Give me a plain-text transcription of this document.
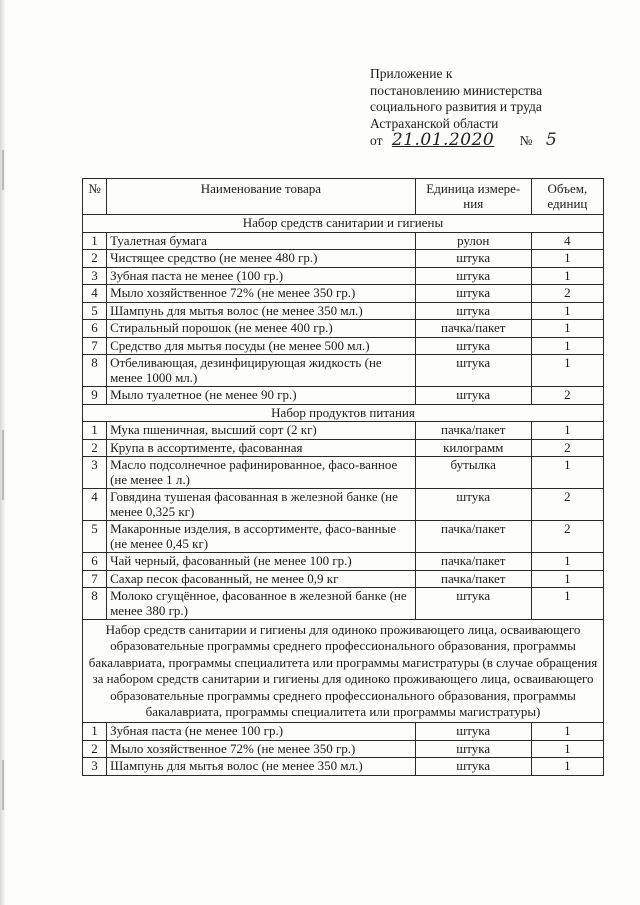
Приложение к
постановлению министерства
социального развития и труда
Астраханской области
от 21.01.2020 № 5
№	Наименование товара	Единица измере-ния	Объем, единиц
Набор средств санитарии и гигиены			
1	Туалетная бумага	рулон	4
2	Чистящее средство (не менее 480 гр.)	штука	1
3	Зубная паста не менее (100 гр.)	штука	1
4	Мыло хозяйственное 72% (не менее 350 гр.)	штука	2
5	Шампунь для мытья волос (не менее 350 мл.)	штука	1
6	Стиральный порошок (не менее 400 гр.)	пачка/пакет	1
7	Средство для мытья посуды (не менее 500 мл.)	штука	1
8	Отбеливающая, дезинфицирующая жидкость (не менее 1000 мл.)	штука	1
9	Мыло туалетное (не менее 90 гр.)	штука	2
Набор продуктов питания			
1	Мука пшеничная, высший сорт (2 кг)	пачка/пакет	1
2	Крупа в ассортименте, фасованная	килограмм	2
3	Масло подсолнечное рафинированное, фасо-ванное (не менее 1 л.)	бутылка	1
4	Говядина тушеная фасованная в железной банке (не менее 0,325 кг)	штука	2
5	Макаронные изделия, в ассортименте, фасо-ванные (не менее 0,45 кг)	пачка/пакет	2
6	Чай черный, фасованный (не менее 100 гр.)	пачка/пакет	1
7	Сахар песок фасованный, не менее 0,9 кг	пачка/пакет	1
8	Молоко сгущённое, фасованное в железной банке (не менее 380 гр.)	штука	1
Набор средств санитарии и гигиены для одиноко проживающего лица, осваивающего образовательные программы среднего профессионального образования, программы бакалавриата, программы специалитета или программы магистратуры (в случае обращения за набором средств санитарии и гигиены для одиноко проживающего лица, осваивающего образовательные программы среднего профессионального образования, программы бакалавриата, программы специалитета или программы магистратуры)			
1	Зубная паста (не менее 100 гр.)	штука	1
2	Мыло хозяйственное 72% (не менее 350 гр.)	штука	1
3	Шампунь для мытья волос (не менее 350 мл.)	штука	1
